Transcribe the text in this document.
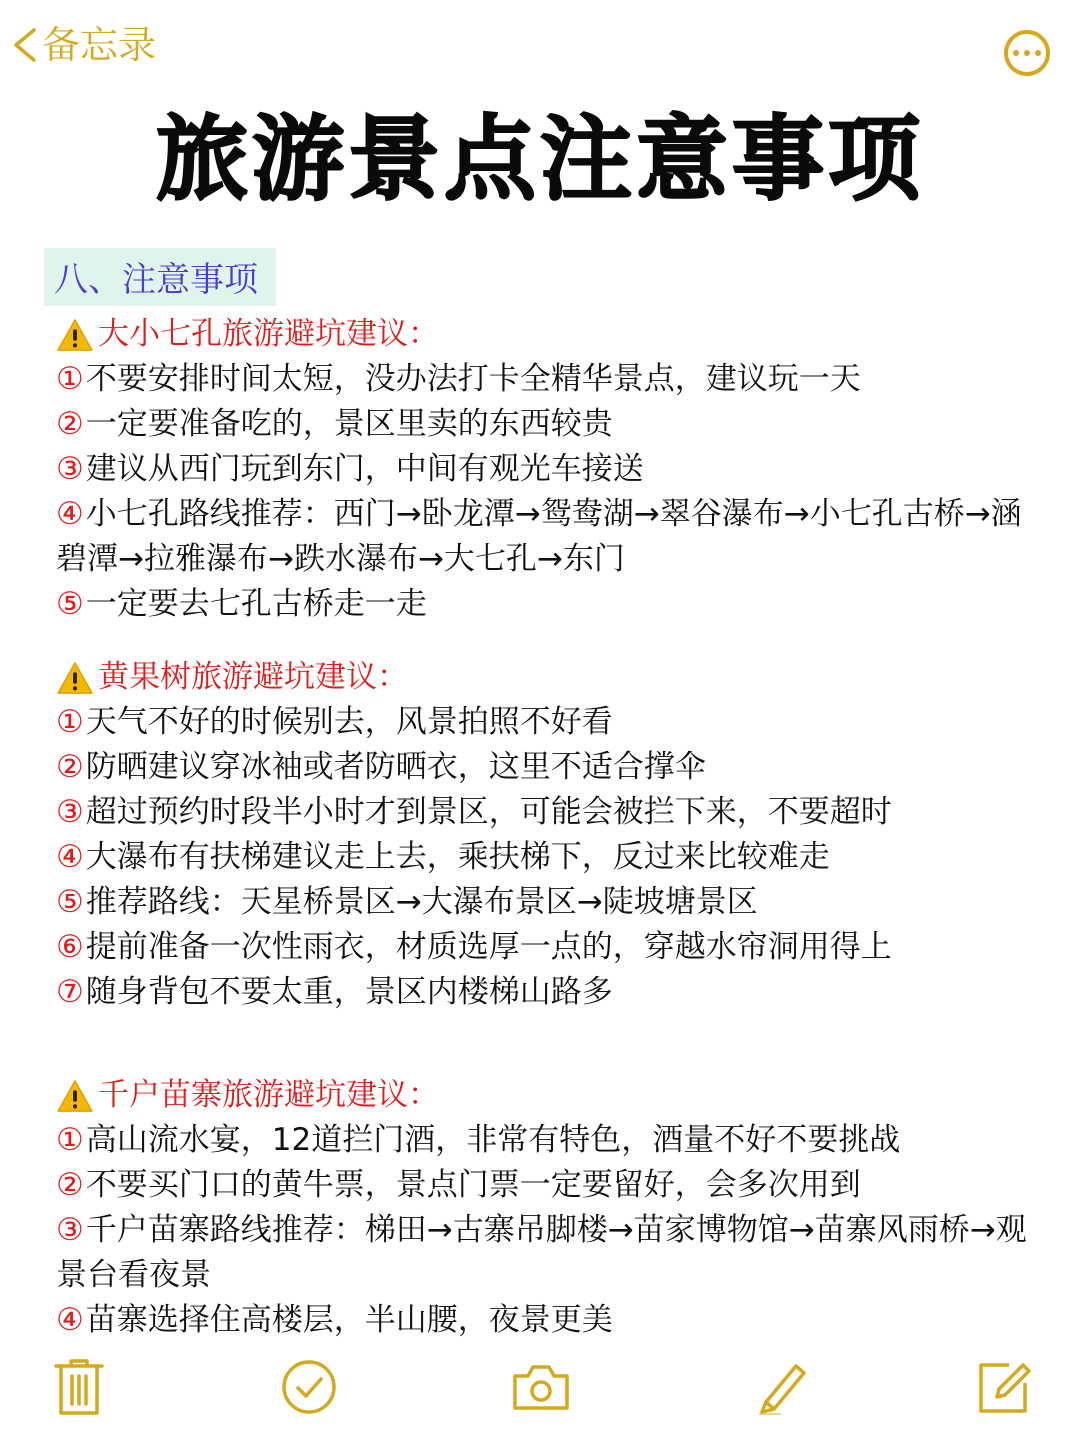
备忘录
旅游景点注意事项
八、注意事项
大小七孔旅游避坑建议：
①不要安排时间太短，没办法打卡全精华景点，建议玩一天
②一定要准备吃的，景区里卖的东西较贵
③建议从西门玩到东门，中间有观光车接送
④小七孔路线推荐：西门→卧龙潭→鸳鸯湖→翠谷瀑布→小七孔古桥→涵碧潭→拉雅瀑布→跌水瀑布→大七孔→东门
⑤一定要去七孔古桥走一走
黄果树旅游避坑建议：
①天气不好的时候别去，风景拍照不好看
②防晒建议穿冰袖或者防晒衣，这里不适合撑伞
③超过预约时段半小时才到景区，可能会被拦下来，不要超时
④大瀑布有扶梯建议走上去，乘扶梯下，反过来比较难走
⑤推荐路线：天星桥景区→大瀑布景区→陡坡塘景区
⑥提前准备一次性雨衣，材质选厚一点的，穿越水帘洞用得上
⑦随身背包不要太重，景区内楼梯山路多
千户苗寨旅游避坑建议：
①高山流水宴，12道拦门酒，非常有特色，酒量不好不要挑战
②不要买门口的黄牛票，景点门票一定要留好，会多次用到
③千户苗寨路线推荐：梯田→古寨吊脚楼→苗家博物馆→苗寨风雨桥→观景台看夜景
④苗寨选择住高楼层，半山腰，夜景更美
